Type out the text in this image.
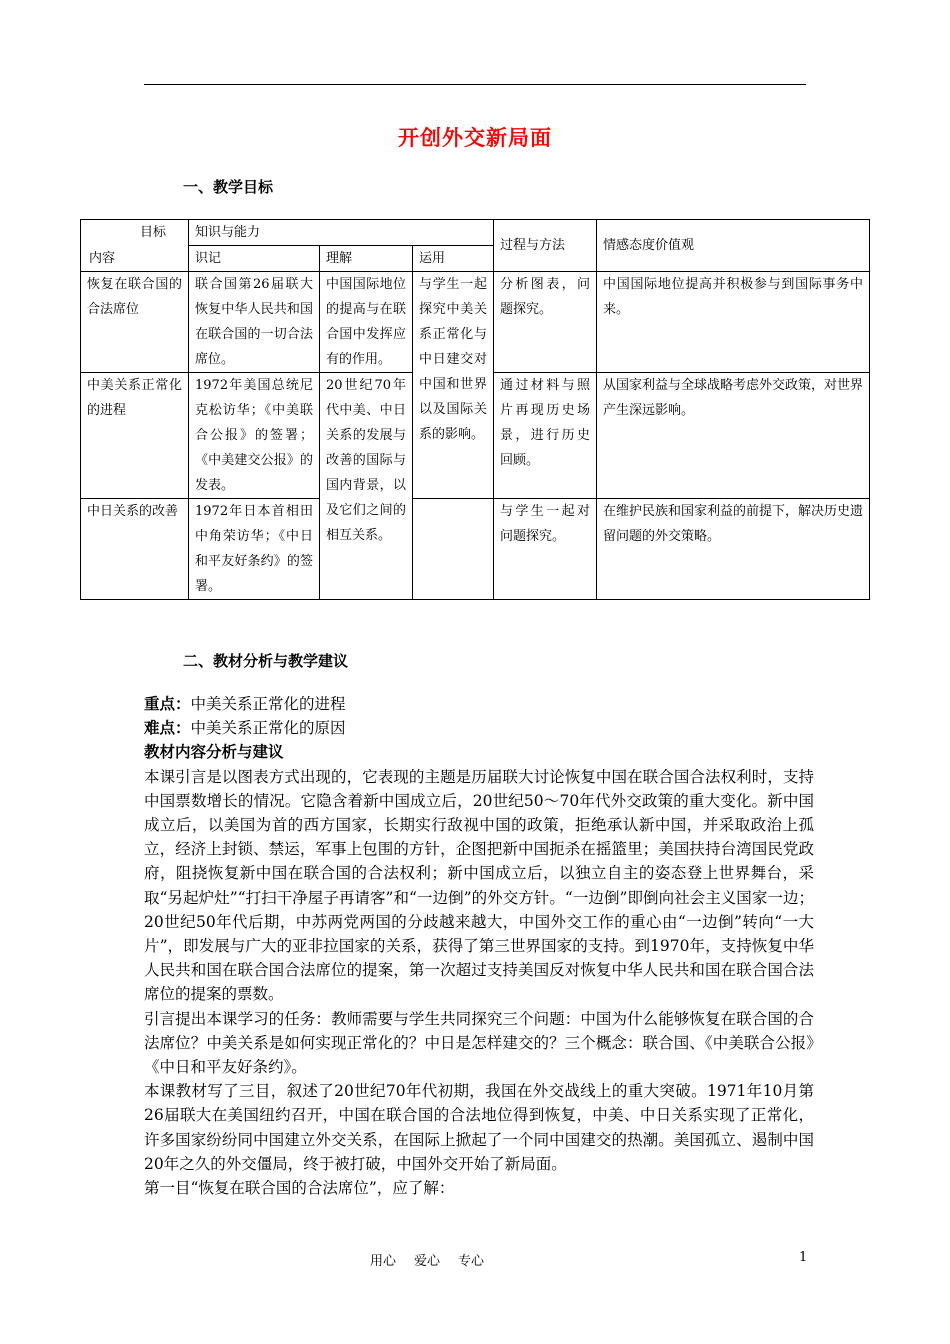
开创外交新局面
一、教学目标
目标
内容	知识与能力			过程与方法	情感态度价值观
	识记	理解	运用		
恢复在联合国的合法席位	联合国第26届联大恢复中华人民共和国在联合国的一切合法席位。	中国国际地位的提高与在联合国中发挥应有的作用。	与学生一起探究中美关系正常化与中日建交对中国和世界以及国际关系的影响。	分析图表，问题探究。	中国国际地位提高并积极参与到国际事务中来。
中美关系正常化的进程	1972年美国总统尼克松访华；《中美联合公报》的签署；《中美建交公报》的发表。	20世纪70年代中美、中日关系的发展与改善的国际与国内背景，以及它们之间的相互关系。		通过材料与照片再现历史场景，进行历史回顾。	从国家利益与全球战略考虑外交政策，对世界产生深远影响。
中日关系的改善	1972年日本首相田中角荣访华；《中日和平友好条约》的签署。			与学生一起对问题探究。	在维护民族和国家利益的前提下，解决历史遗留问题的外交策略。
二、教材分析与教学建议

重点：中美关系正常化的进程

难点：中美关系正常化的原因

教材内容分析与建议

本课引言是以图表方式出现的，它表现的主题是历届联大讨论恢复中国在联合国合法权利时，支持中国票数增长的情况。它隐含着新中国成立后，20世纪50～70年代外交政策的重大变化。新中国成立后，以美国为首的西方国家，长期实行敌视中国的政策，拒绝承认新中国，并采取政治上孤立，经济上封锁、禁运，军事上包围的方针，企图把新中国扼杀在摇篮里；美国扶持台湾国民党政府，阻挠恢复新中国在联合国的合法权利；新中国成立后，以独立自主的姿态登上世界舞台，采取“另起炉灶”“打扫干净屋子再请客”和“一边倒”的外交方针。“一边倒”即倒向社会主义国家一边；20世纪50年代后期，中苏两党两国的分歧越来越大，中国外交工作的重心由“一边倒”转向“一大片”，即发展与广大的亚非拉国家的关系，获得了第三世界国家的支持。到1970年，支持恢复中华人民共和国在联合国合法席位的提案，第一次超过支持美国反对恢复中华人民共和国在联合国合法席位的提案的票数。

引言提出本课学习的任务：教师需要与学生共同探究三个问题：中国为什么能够恢复在联合国的合法席位？中美关系是如何实现正常化的？中日是怎样建交的？三个概念：联合国、《中美联合公报》《中日和平友好条约》。

本课教材写了三目，叙述了20世纪70年代初期，我国在外交战线上的重大突破。1971年10月第26届联大在美国纽约召开，中国在联合国的合法地位得到恢复，中美、中日关系实现了正常化，许多国家纷纷同中国建立外交关系，在国际上掀起了一个同中国建交的热潮。美国孤立、遏制中国20年之久的外交僵局，终于被打破，中国外交开始了新局面。

第一目“恢复在联合国的合法席位”，应了解：

用心 爱心 专心	1
